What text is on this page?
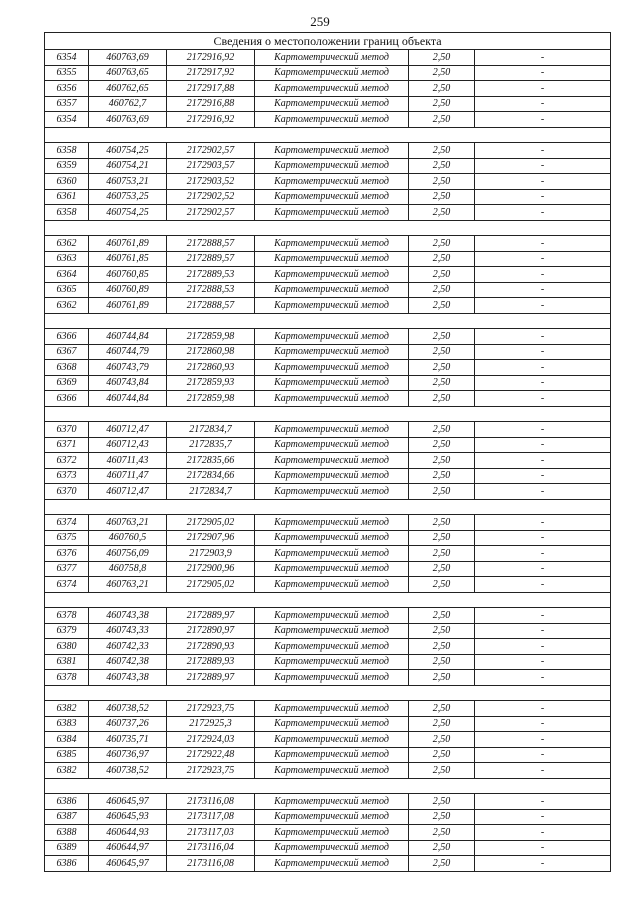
259
Сведения о местоположении границ объекта					
6354	460763,69	2172916,92	Картометрический метод	2,50	-
6355	460763,65	2172917,92	Картометрический метод	2,50	-
6356	460762,65	2172917,88	Картометрический метод	2,50	-
6357	460762,7	2172916,88	Картометрический метод	2,50	-
6354	460763,69	2172916,92	Картометрический метод	2,50	-

6358	460754,25	2172902,57	Картометрический метод	2,50	-
6359	460754,21	2172903,57	Картометрический метод	2,50	-
6360	460753,21	2172903,52	Картометрический метод	2,50	-
6361	460753,25	2172902,52	Картометрический метод	2,50	-
6358	460754,25	2172902,57	Картометрический метод	2,50	-

6362	460761,89	2172888,57	Картометрический метод	2,50	-
6363	460761,85	2172889,57	Картометрический метод	2,50	-
6364	460760,85	2172889,53	Картометрический метод	2,50	-
6365	460760,89	2172888,53	Картометрический метод	2,50	-
6362	460761,89	2172888,57	Картометрический метод	2,50	-

6366	460744,84	2172859,98	Картометрический метод	2,50	-
6367	460744,79	2172860,98	Картометрический метод	2,50	-
6368	460743,79	2172860,93	Картометрический метод	2,50	-
6369	460743,84	2172859,93	Картометрический метод	2,50	-
6366	460744,84	2172859,98	Картометрический метод	2,50	-

6370	460712,47	2172834,7	Картометрический метод	2,50	-
6371	460712,43	2172835,7	Картометрический метод	2,50	-
6372	460711,43	2172835,66	Картометрический метод	2,50	-
6373	460711,47	2172834,66	Картометрический метод	2,50	-
6370	460712,47	2172834,7	Картометрический метод	2,50	-

6374	460763,21	2172905,02	Картометрический метод	2,50	-
6375	460760,5	2172907,96	Картометрический метод	2,50	-
6376	460756,09	2172903,9	Картометрический метод	2,50	-
6377	460758,8	2172900,96	Картометрический метод	2,50	-
6374	460763,21	2172905,02	Картометрический метод	2,50	-

6378	460743,38	2172889,97	Картометрический метод	2,50	-
6379	460743,33	2172890,97	Картометрический метод	2,50	-
6380	460742,33	2172890,93	Картометрический метод	2,50	-
6381	460742,38	2172889,93	Картометрический метод	2,50	-
6378	460743,38	2172889,97	Картометрический метод	2,50	-

6382	460738,52	2172923,75	Картометрический метод	2,50	-
6383	460737,26	2172925,3	Картометрический метод	2,50	-
6384	460735,71	2172924,03	Картометрический метод	2,50	-
6385	460736,97	2172922,48	Картометрический метод	2,50	-
6382	460738,52	2172923,75	Картометрический метод	2,50	-

6386	460645,97	2173116,08	Картометрический метод	2,50	-
6387	460645,93	2173117,08	Картометрический метод	2,50	-
6388	460644,93	2173117,03	Картометрический метод	2,50	-
6389	460644,97	2173116,04	Картометрический метод	2,50	-
6386	460645,97	2173116,08	Картометрический метод	2,50	-
